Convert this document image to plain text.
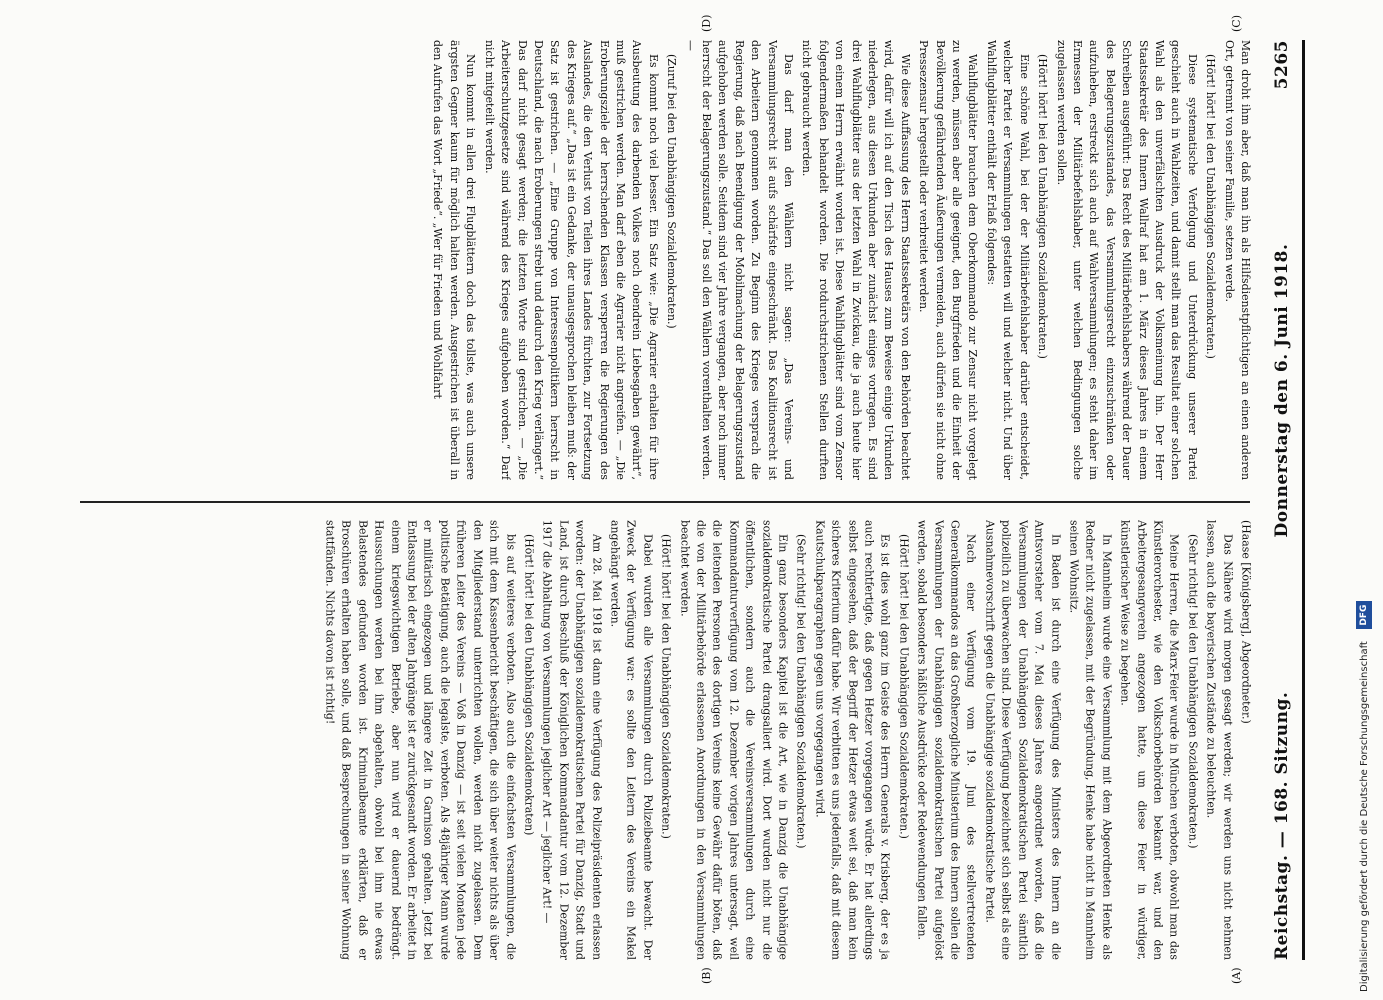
Reichstag. — 168. Sitzung.
Donnerstag den 6. Juni 1918.
5265
(A)
(B)
(C)
(D)

(Haase [Königsberg], Abgeordneter.)

Das Nähere wird morgen gesagt werden; wir werden uns nicht nehmen lassen, auch die bayerischen Zustände zu beleuchten.

(Sehr richtig! bei den Unabhängigen Sozialdemokraten.)

Meine Herren, die Marx-Feier wurde in München verboten, obwohl man das Künstlerorchester, wie den Volkschorbehörden bekannt war, und den Arbeitergesangverein angezogen hatte, um diese Feier in würdiger, künstlerischer Weise zu begehen.

In Mannheim wurde eine Versammlung mit dem Abgeordneten Henke als Redner nicht zugelassen, mit der Begründung, Henke habe nicht in Mannheim seinen Wohnsitz.

In Baden ist durch eine Verfügung des Ministers des Innern an die Amtsvorsteher vom 7. Mai dieses Jahres angeordnet worden, daß die Versammlungen der Unabhängigen Sozialdemokratischen Partei sämtlich polizeilich zu überwachen sind. Diese Verfügung bezeichnet sich selbst als eine Ausnahmevorschrift gegen die Unabhängige sozialdemokratische Partei.

Nach einer Verfügung vom 19. Juni des stellvertretenden Generalkommandos an das Großherzogliche Ministerium des Innern sollen die Versammlungen der Unabhängigen sozialdemokratischen Partei aufgelöst werden, sobald besonders häßliche Ausdrücke oder Redewendungen fallen.

(Hört! hört! bei den Unabhängigen Sozialdemokraten.)

Es ist dies wohl ganz im Geiste des Herrn Generals v. Krisberg, der es ja auch rechtfertigte, daß gegen Hetzer vorgegangen würde. Er hat allerdings selbst eingesehen, daß der Begriff der Hetzer etwas weit sei, daß man kein sicheres Kriterium dafür habe. Wir verbitten es uns jedenfalls, daß mit diesem Kautschukparagraphen gegen uns vorgegangen wird.

(Sehr richtig! bei den Unabhängigen Sozialdemokraten.)

Ein ganz besonders Kapitel ist die Art, wie in Danzig die Unabhängige sozialdemokratische Partei drangsaliert wird. Dort wurden nicht nur die öffentlichen, sondern auch die Vereinsversammlungen durch eine Kommandanturverfügung vom 12. Dezember vorigen Jahres untersagt, weil die leitenden Personen des dortigen Vereins keine Gewähr dafür böten, daß die von der Militärbehörde erlassenen Anordnungen in den Versammlungen beachtet werden.

(Hört! hört! bei den Unabhängigen Sozialdemokraten.)

Dabei wurden alle Versammlungen durch Polizeibeamte bewacht. Der Zweck der Verfügung war: es sollte den Leitern des Vereins ein Makel angehängt werden.

Am 28. Mai 1918 ist dann eine Verfügung des Polizeipräsidenten erlassen worden: der Unabhängigen sozialdemokratischen Partei für Danzig, Stadt und Land, ist durch Beschluß der Königlichen Kommandantur vom 12. Dezember 1917 die Abhaltung von Versammlungen jeglicher Art — jeglicher Art! —

(Hört! hört! bei den Unabhängigen Sozialdemokraten)

bis auf weiteres verboten. Also auch die einfachsten Versammlungen, die sich mit dem Kassenbericht beschäftigen, die sich über weiter nichts als über den Mitgliederstand unterrichten wollen, werden nicht zugelassen. Dem früheren Leiter des Vereins — Voß in Danzig — ist seit vielen Monaten jede politische Betätigung, auch die legalste, verboten. Als 48jähriger Mann wurde er militärisch eingezogen und längere Zeit in Garnison gehalten. Jetzt bei Entlassung bei der alten Jahrgänge ist er zurückgesandt worden. Er arbeitet in einem kriegswichtigen Betriebe, aber nun wird er dauernd bedrängt. Haussuchungen werden bei ihm abgehalten, obwohl bei ihm nie etwas Belastendes gefunden worden ist. Kriminalbeamte erklärten, daß er Broschüren erhalten haben solle, und daß Besprechungen in seiner Wohnung stattfänden. Nichts davon ist richtig!

Man droht ihm aber, daß man ihn als Hilfsdienstpflichtigen an einen anderen Ort, getrennt von seiner Familie, setzen werde.

(Hört! hört! bei den Unabhängigen Sozialdemokraten.)

Diese systematische Verfolgung und Unterdrückung unserer Partei geschieht auch in Wahlzeiten, und damit stellt man das Resultat einer solchen Wahl als den unverfälschten Ausdruck der Volksmeinung hin. Der Herr Staatssekretär des Innern Wallraf hat am 1. März dieses Jahres in einem Schreiben ausgeführt: Das Recht des Militärbefehlshabers während der Dauer des Belagerungszustandes, das Versammlungsrecht einzuschränken oder aufzuheben, erstreckt sich auch auf Wahlversammlungen; es steht daher im Ermessen der Militärbefehlshaber, unter welchen Bedingungen solche zugelassen werden sollen.

(Hört! hört! bei den Unabhängigen Sozialdemokraten.)

Eine schöne Wahl, bei der der Militärbefehlshaber darüber entscheidet, welcher Partei er Versammlungen gestatten will und welcher nicht. Und über Wahlflugblätter enthält der Erlaß folgendes:

Wahlflugblätter brauchen dem Oberkommando zur Zensur nicht vorgelegt zu werden, müssen aber alle geeignet, den Burgfrieden und die Einheit der Bevölkerung gefährdenden Äußerungen vermeiden, auch dürfen sie nicht ohne Pressezensur hergestellt oder verbreitet werden.

Wie diese Auffassung des Herrn Staatssekretärs von den Behörden beachtet wird, dafür will ich auf den Tisch des Hauses zum Beweise einige Urkunden niederlegen, aus diesen Urkunden aber zunächst einiges vortragen. Es sind drei Wahlflugblätter aus der letzten Wahl in Zwickau, die ja auch heute hier von einem Herrn erwähnt worden ist. Diese Wahlflugblätter sind vom Zensor folgendermaßen behandelt worden. Die rotdurchstrichenen Stellen durften nicht gebraucht werden.

Das darf man den Wählern nicht sagen: „Das Vereins- und Versammlungsrecht ist aufs schärfste eingeschränkt. Das Koalitionsrecht ist den Arbeitern genommen worden. Zu Beginn des Krieges versprach die Regierung, daß nach Beendigung der Mobilmachung der Belagerungszustand aufgehoben werden solle. Seitdem sind vier Jahre vergangen, aber noch immer herrscht der Belagerungszustand.“ Das soll den Wählern vorenthalten werden. —

(Zuruf bei den Unabhängigen Sozialdemokraten.)

Es kommt noch viel besser. Ein Satz wie: „Die Agrarier erhalten für ihre Ausbeutung des darbenden Volkes noch obendrein Liebesgaben gewährt“, muß gestrichen werden. Man darf eben die Agrarier nicht angreifen. — „Die Eroberungsziele der herrschenden Klassen versperren die Regierungen des Auslandes, die den Verlust von Teilen ihres Landes fürchten, zur Fortsetzung des Krieges auf.“ „Das ist ein Gedanke, der unausgesprochen bleiben muß: der Satz ist gestrichen. — „Eine Gruppe von Interessenpolitikern herrscht in Deutschland, die nach Eroberungen strebt und dadurch den Krieg verlängert.“ Das darf nicht gesagt werden; die letzten Worte sind gestrichen. — „Die Arbeiterschutzgesetze sind während des Krieges aufgehoben worden.“ Darf nicht mitgeteilt werden.

Nun kommt in allen drei Flugblättern doch das tollste, was auch unsere ärgsten Gegner kaum für möglich halten werden. Ausgestrichen ist überall in den Aufrufen das Wort „Friede“. „Wer für Frieden und Wohlfahrt

Digitalisierung gefördert durch die Deutsche Forschungsgemeinschaft
DFG
